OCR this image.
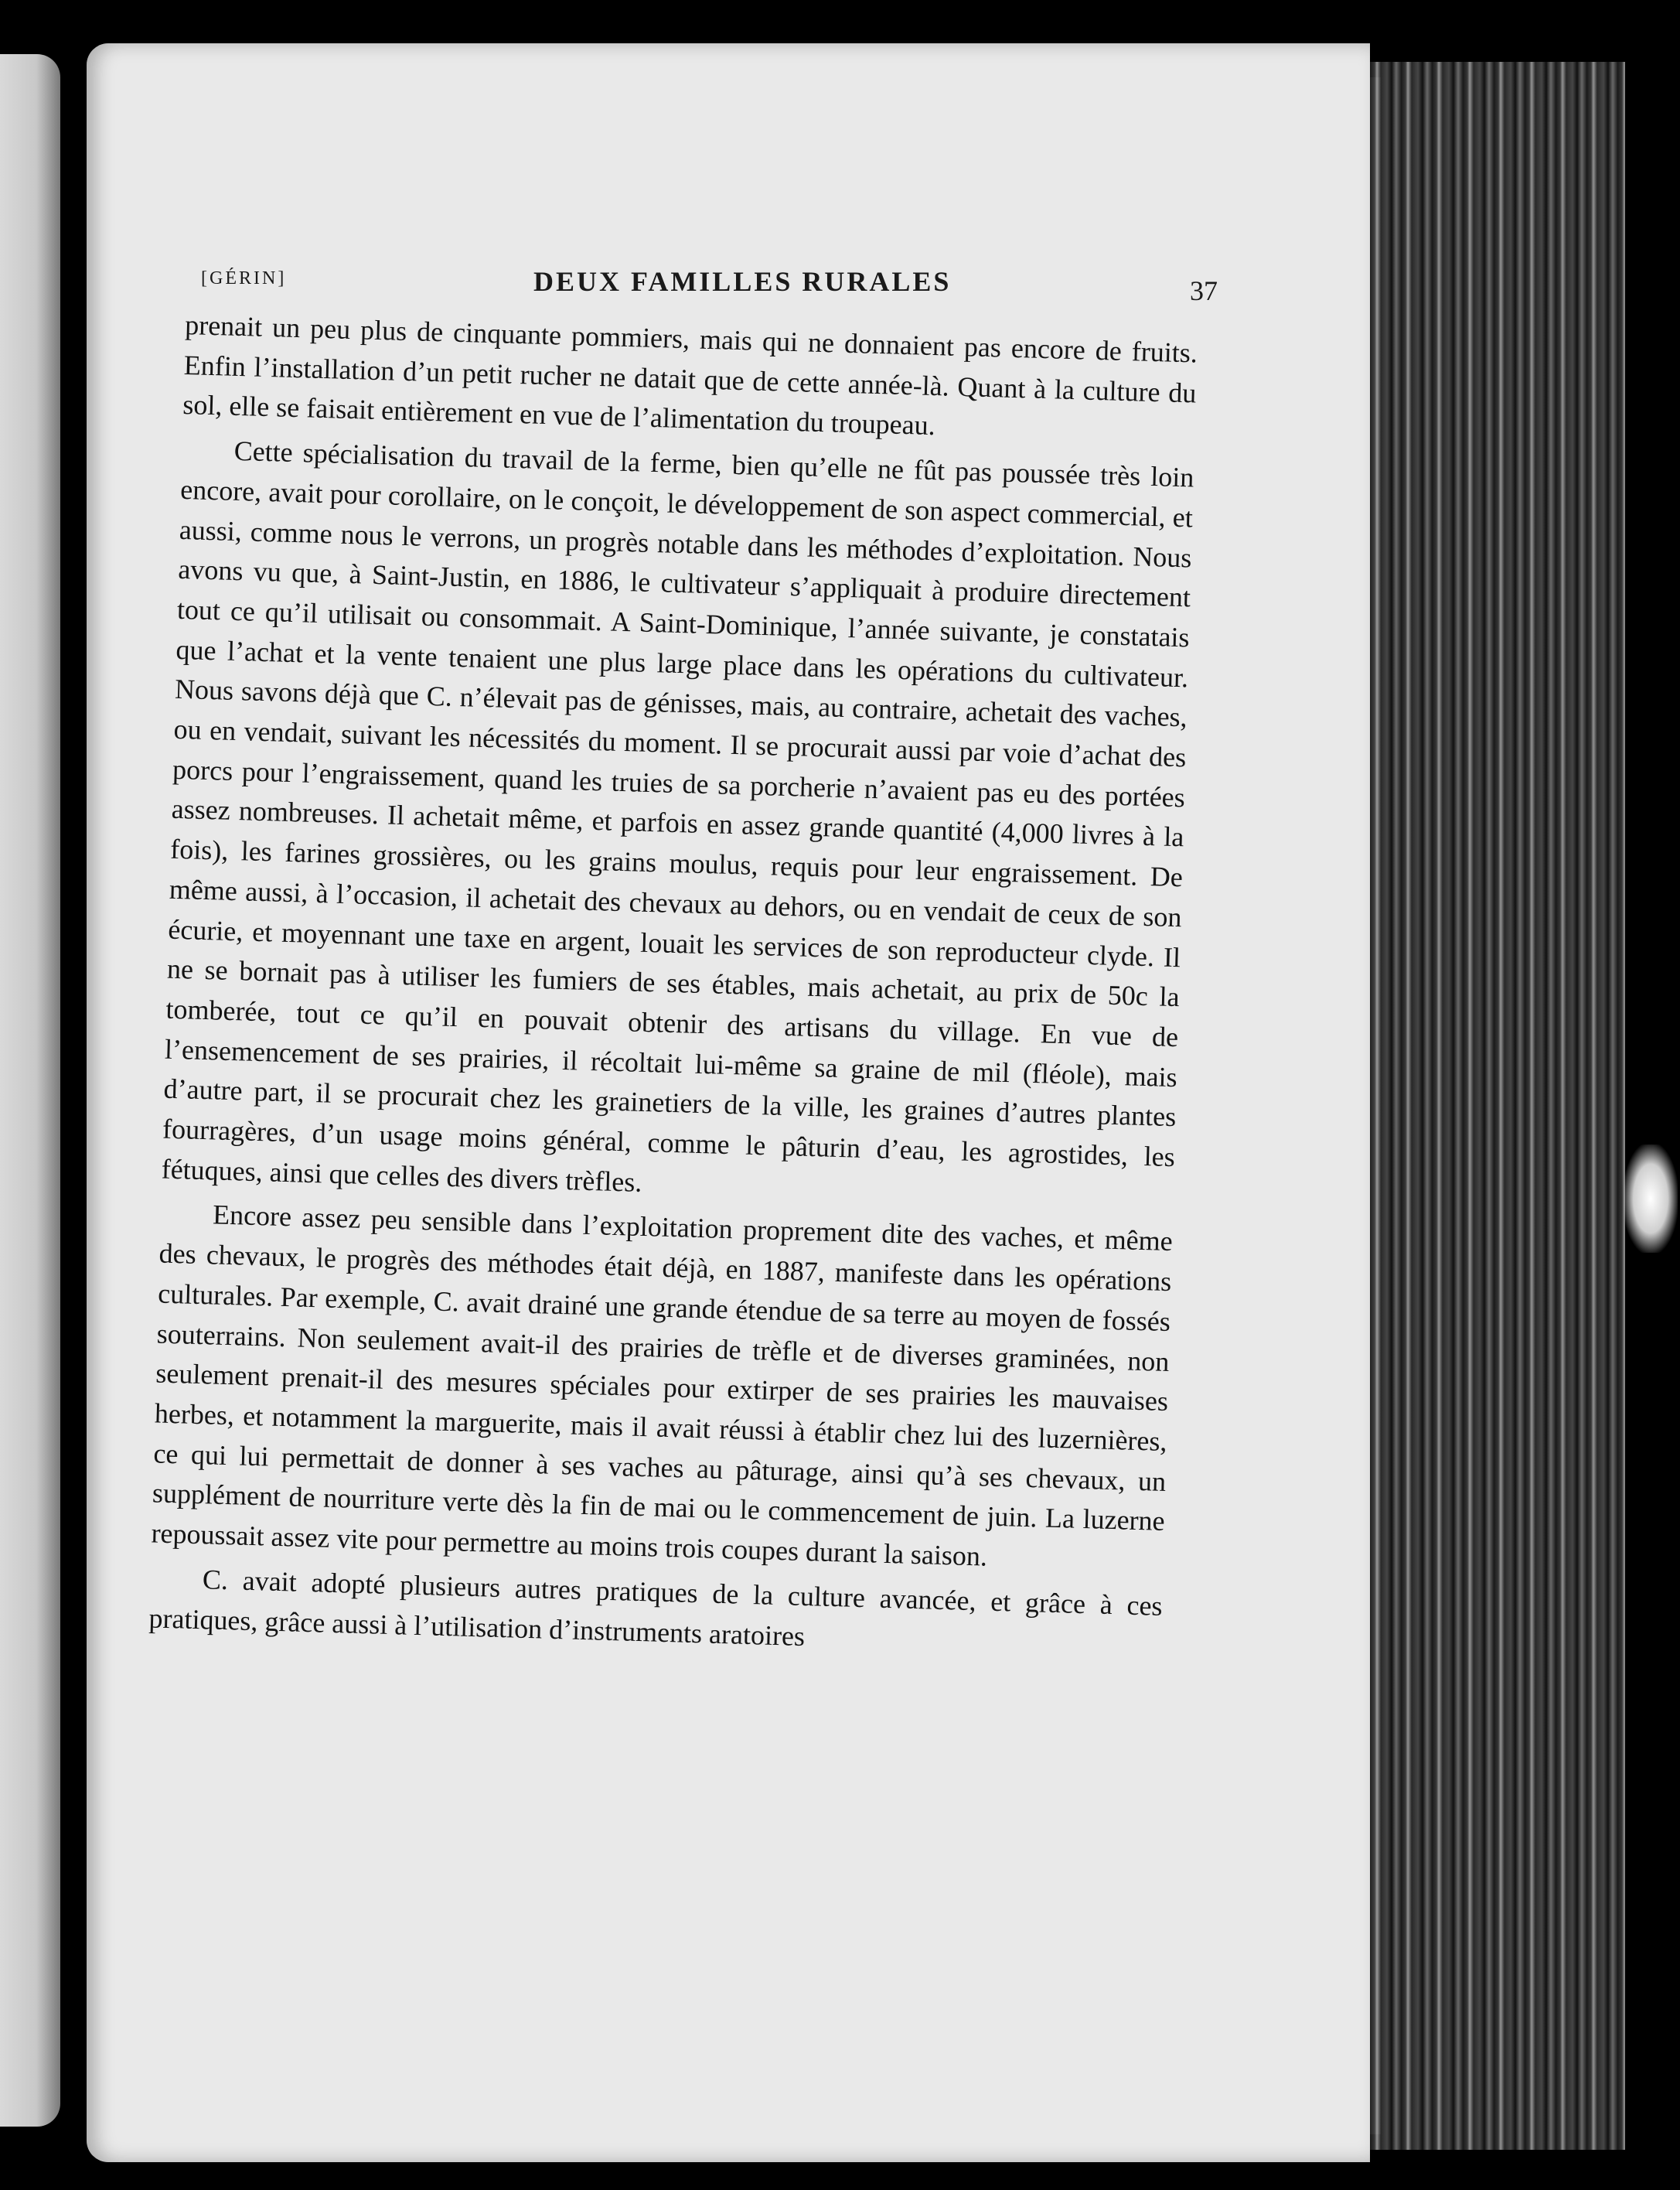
[GÉRIN]	DEUX FAMILLES RURALES	37

prenait un peu plus de cinquante pommiers, mais qui ne donnaient pas encore de fruits. Enfin l’installation d’un petit rucher ne datait que de cette année-là. Quant à la culture du sol, elle se faisait entièrement en vue de l’alimentation du troupeau.

Cette spécialisation du travail de la ferme, bien qu’elle ne fût pas poussée très loin encore, avait pour corollaire, on le conçoit, le développement de son aspect commercial, et aussi, comme nous le verrons, un progrès notable dans les méthodes d’exploitation. Nous avons vu que, à Saint-Justin, en 1886, le cultivateur s’appliquait à produire directement tout ce qu’il utilisait ou consommait. A Saint-Dominique, l’année suivante, je constatais que l’achat et la vente tenaient une plus large place dans les opérations du cultivateur. Nous savons déjà que C. n’élevait pas de génisses, mais, au contraire, achetait des vaches, ou en vendait, suivant les nécessités du moment. Il se procurait aussi par voie d’achat des porcs pour l’engraissement, quand les truies de sa porcherie n’avaient pas eu des portées assez nombreuses. Il achetait même, et parfois en assez grande quantité (4,000 livres à la fois), les farines grossières, ou les grains moulus, requis pour leur engraissement. De même aussi, à l’occasion, il achetait des chevaux au dehors, ou en vendait de ceux de son écurie, et moyennant une taxe en argent, louait les services de son reproducteur clyde. Il ne se bornait pas à utiliser les fumiers de ses étables, mais achetait, au prix de 50c la tomberée, tout ce qu’il en pouvait obtenir des artisans du village. En vue de l’ensemencement de ses prairies, il récoltait lui-même sa graine de mil (fléole), mais d’autre part, il se procurait chez les grainetiers de la ville, les graines d’autres plantes fourragères, d’un usage moins général, comme le pâturin d’eau, les agrostides, les fétuques, ainsi que celles des divers trèfles.

Encore assez peu sensible dans l’exploitation proprement dite des vaches, et même des chevaux, le progrès des méthodes était déjà, en 1887, manifeste dans les opérations culturales. Par exemple, C. avait drainé une grande étendue de sa terre au moyen de fossés souterrains. Non seulement avait-il des prairies de trèfle et de diverses graminées, non seulement prenait-il des mesures spéciales pour extirper de ses prairies les mauvaises herbes, et notamment la marguerite, mais il avait réussi à établir chez lui des luzernières, ce qui lui permettait de donner à ses vaches au pâturage, ainsi qu’à ses chevaux, un supplément de nourriture verte dès la fin de mai ou le commencement de juin. La luzerne repoussait assez vite pour permettre au moins trois coupes durant la saison.

C. avait adopté plusieurs autres pratiques de la culture avancée, et grâce à ces pratiques, grâce aussi à l’utilisation d’instruments aratoires
